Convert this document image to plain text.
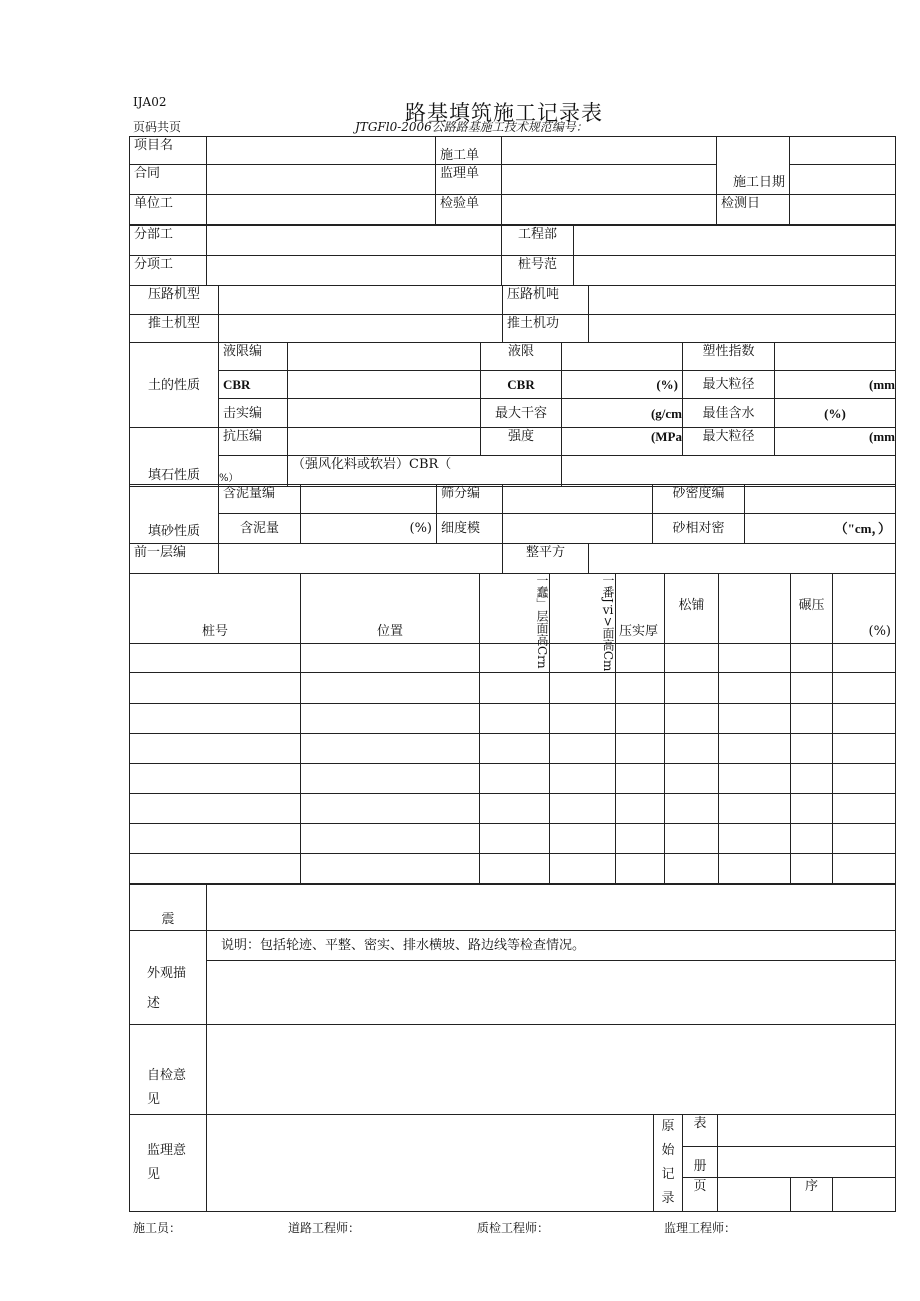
IJA02
页码共页
路基填筑施工记录表
JTGFl0-2006公路路基施工技术规范编号：
项目名		施工单		施工日期	
合同		监理单			
单位工		检验单		检测日	
分部工		工程部	
分项工		桩号范	
压路机型		压路机吨	
推土机型		推土机功	
土的性质	液限编		液限		塑性指数	
	CBR		CBR	(%)	最大粒径	(mm
	击实编		最大干容	(g/cm	最佳含水	(%)
填石性质	抗压编		强度	(MPa	最大粒径	(mm
		（强风化料或软岩）CBR（
%）				

填砂性质	含泥量编		筛分编		砂密度编	
	含泥量	(%)	细度模		砂相对密	（"cm，）
前一层编		整平方	
桩号	位置	一蠢」层面高Crn	一番Jⅵ>面高Cm	压实厚	松铺		碾压	(%)

震						
外观描述	说明：包括轮迹、平整、密实、排水横坡、路边线等检查情况。					

自检意见						
监理意见		原始记录	表			
			册			
			页		序	
施工员：	道路工程师：	质检工程师：	监理工程师：
